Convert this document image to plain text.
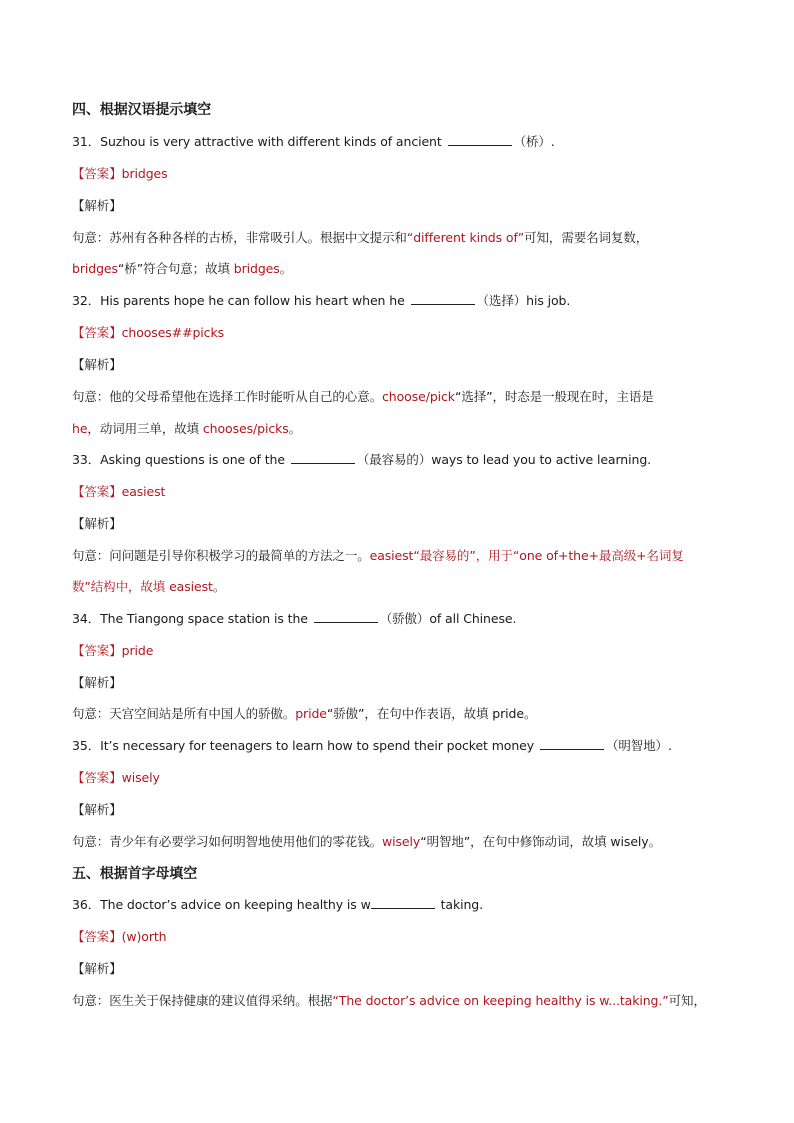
四、根据汉语提示填空
31．Suzhou is very attractive with different kinds of ancient	（桥）.
【答案】bridges
【解析】
句意：苏州有各种各样的古桥，非常吸引人。根据中文提示和“different kinds of”可知，需要名词复数，
bridges“桥”符合句意；故填 bridges。
32．His parents hope he can follow his heart when he	（选择）his job.
【答案】chooses##picks
【解析】
句意：他的父母希望他在选择工作时能听从自己的心意。choose/pick“选择”，时态是一般现在时，主语是
he，动词用三单，故填 chooses/picks。
33．Asking questions is one of the	（最容易的）ways to lead you to active learning.
【答案】easiest
【解析】
句意：问问题是引导你积极学习的最简单的方法之一。easiest“最容易的”，用于“one of+the+最高级+名词复
数”结构中，故填 easiest。
34．The Tiangong space station is the	（骄傲）of all Chinese.
【答案】pride
【解析】
句意：天宫空间站是所有中国人的骄傲。pride“骄傲”，在句中作表语，故填 pride。
35．It’s necessary for teenagers to learn how to spend their pocket money	（明智地）.
【答案】wisely
【解析】
句意：青少年有必要学习如何明智地使用他们的零花钱。wisely“明智地”，在句中修饰动词，故填 wisely。
五、根据首字母填空
36．The doctor’s advice on keeping healthy is w	taking.
【答案】(w)orth
【解析】
句意：医生关于保持健康的建议值得采纳。根据“The doctor’s advice on keeping healthy is w...taking.”可知，
